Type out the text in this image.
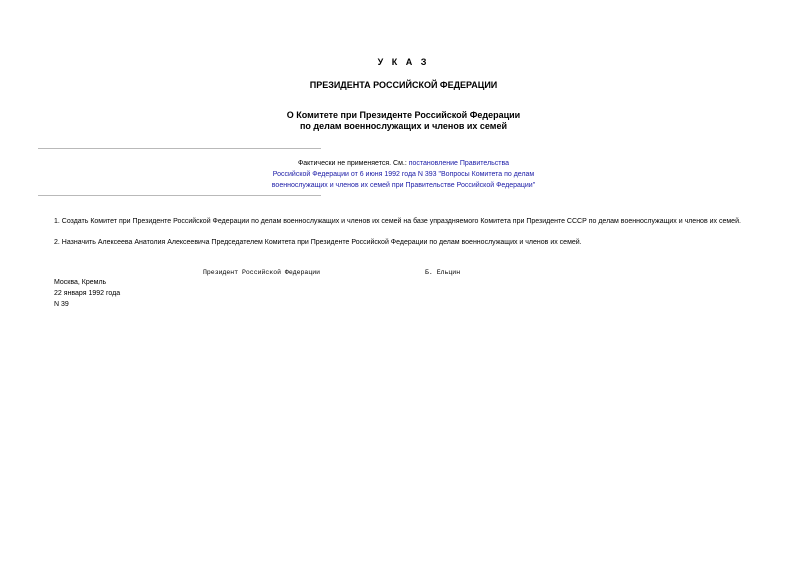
У К А З
ПРЕЗИДЕНТА РОССИЙСКОЙ ФЕДЕРАЦИИ
О Комитете при Президенте Российской Федерации
по делам военнослужащих и членов их семей
Фактически не применяется. См.: постановление Правительства
Российской Федерации от 6 июня 1992 года N 393 "Вопросы Комитета по делам
военнослужащих и членов их семей при Правительстве Российской Федерации"
1. Создать Комитет при Президенте Российской Федерации по делам военнослужащих и членов их семей на базе упраздняемого Комитета при Президенте СССР по делам военнослужащих и членов их семей.
2. Назначить Алексеева Анатолия Алексеевича Председателем Комитета при Президенте Российской Федерации по делам военнослужащих и членов их семей.
Президент Российской Федерации	Б. Ельцин
Москва, Кремль
22 января 1992 года
N 39
